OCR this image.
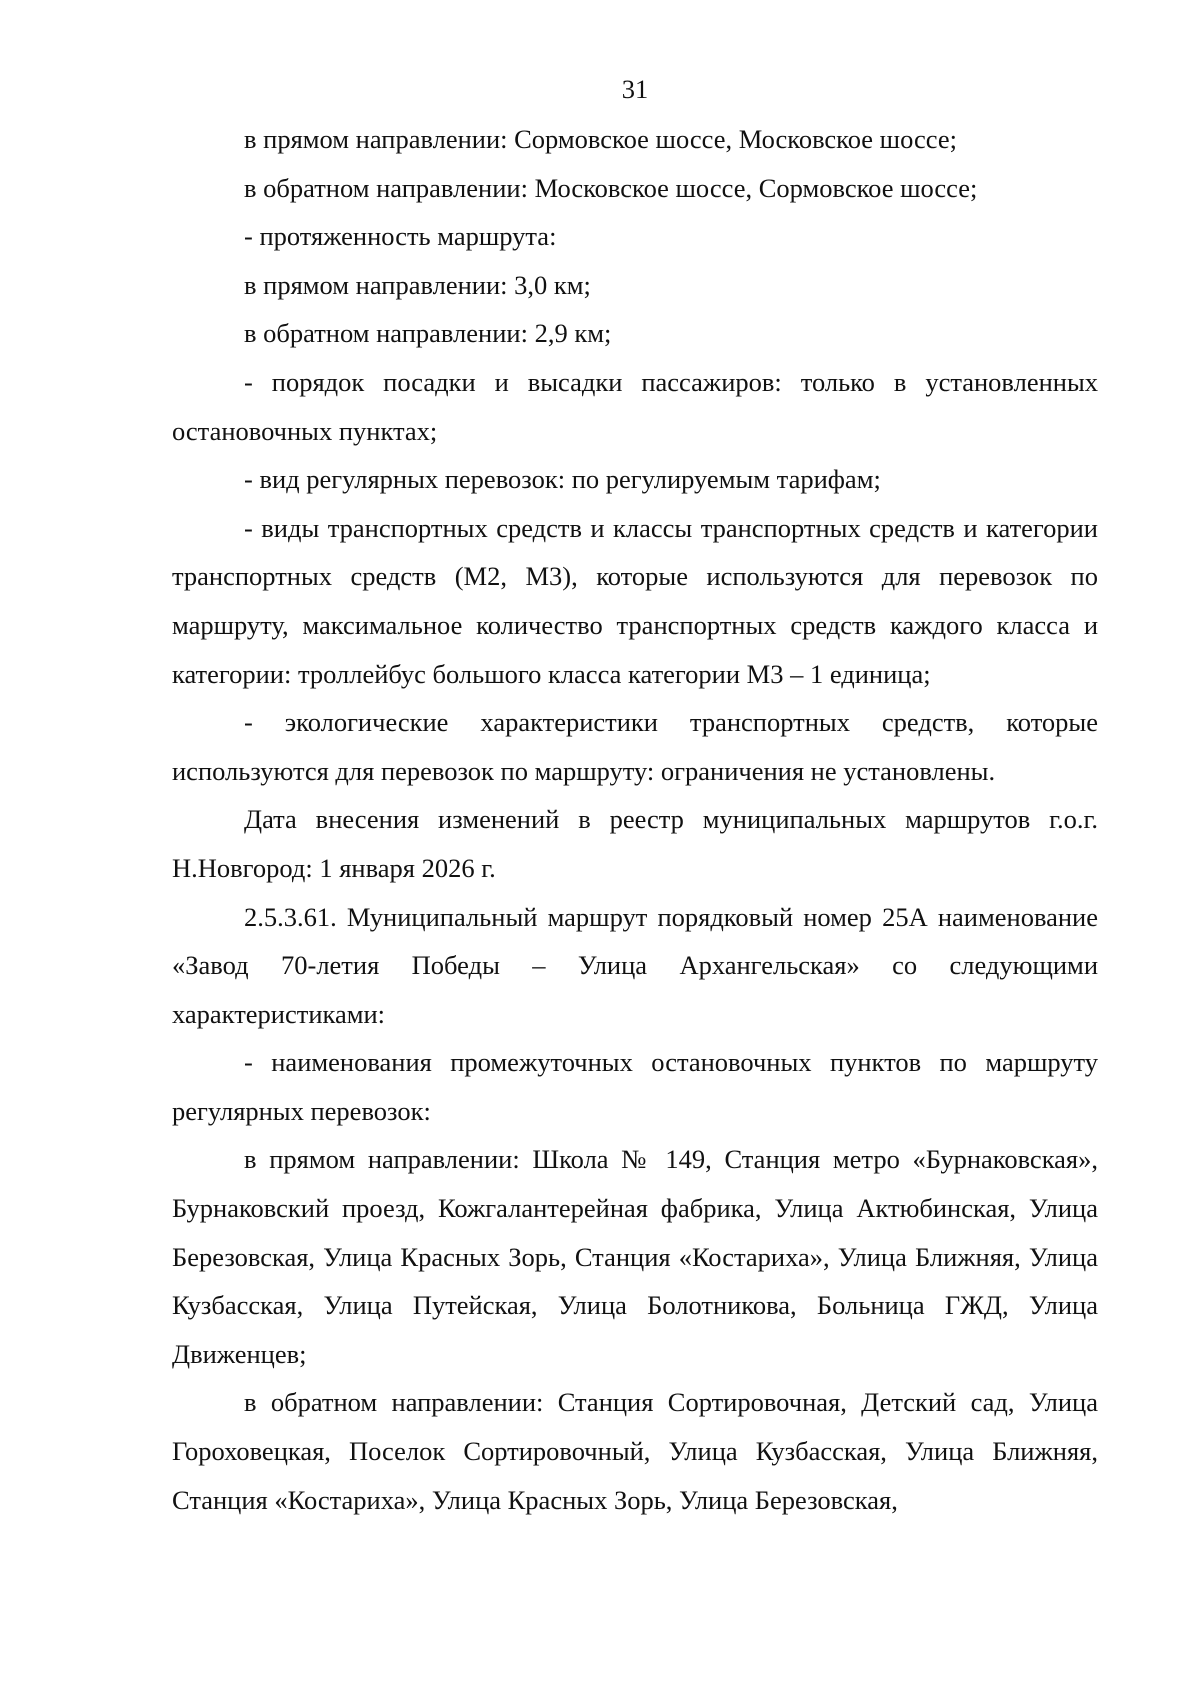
31

в прямом направлении: Сормовское шоссе, Московское шоссе;

в обратном направлении: Московское шоссе, Сормовское шоссе;

- протяженность маршрута:

в прямом направлении: 3,0 км;

в обратном направлении: 2,9 км;

- порядок посадки и высадки пассажиров: только в установленных остановочных пунктах;

- вид регулярных перевозок: по регулируемым тарифам;

- виды транспортных средств и классы транспортных средств и категории транспортных средств (М2, М3), которые используются для перевозок по маршруту, максимальное количество транспортных средств каждого класса и категории: троллейбус большого класса категории М3 – 1 единица;

- экологические характеристики транспортных средств, которые используются для перевозок по маршруту: ограничения не установлены.

Дата внесения изменений в реестр муниципальных маршрутов г.о.г. Н.Новгород: 1 января 2026 г.

2.5.3.61. Муниципальный маршрут порядковый номер 25А наименование «Завод 70-летия Победы – Улица Архангельская» со следующими характеристиками:

- наименования промежуточных остановочных пунктов по маршруту регулярных перевозок:

в прямом направлении: Школа № 149, Станция метро «Бурнаковская», Бурнаковский проезд, Кожгалантерейная фабрика, Улица Актюбинская, Улица Березовская, Улица Красных Зорь, Станция «Костариха», Улица Ближняя, Улица Кузбасская, Улица Путейская, Улица Болотникова, Больница ГЖД, Улица Движенцев;

в обратном направлении: Станция Сортировочная, Детский сад, Улица Гороховецкая, Поселок Сортировочный, Улица Кузбасская, Улица Ближняя, Станция «Костариха», Улица Красных Зорь, Улица Березовская,
